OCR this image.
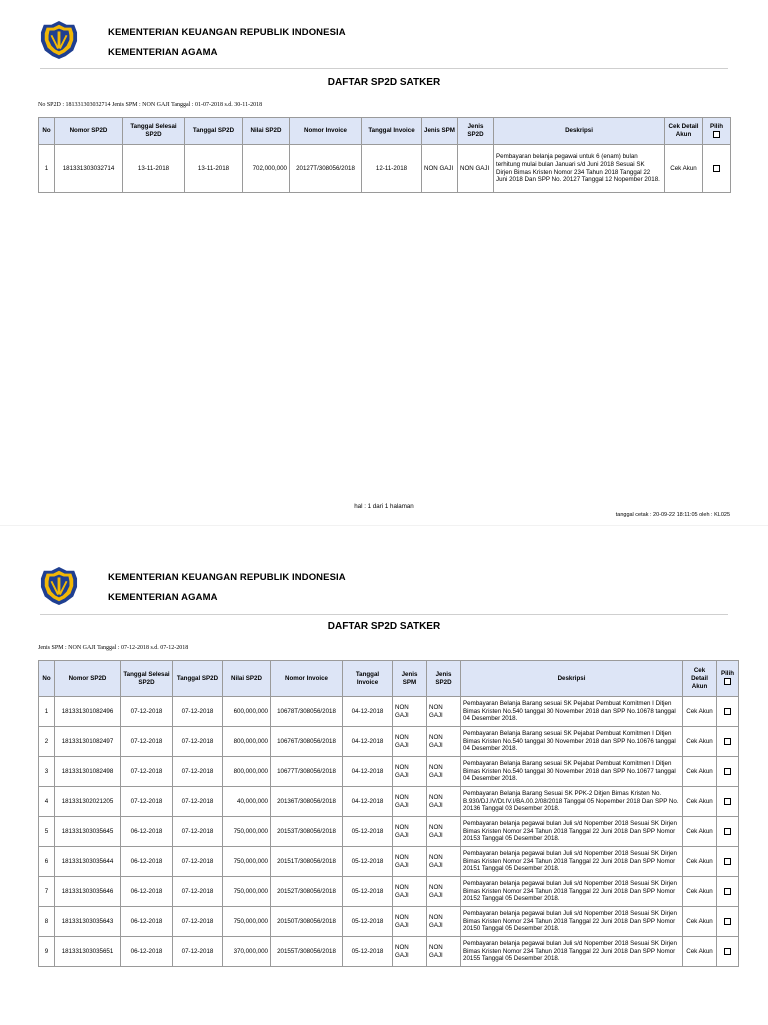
KEMENTERIAN KEUANGAN REPUBLIK INDONESIA
KEMENTERIAN AGAMA
DAFTAR SP2D SATKER
No SP2D : 181331303032714 Jenis SPM : NON GAJI Tanggal : 01-07-2018 s.d. 30-11-2018
No	Nomor SP2D	Tanggal Selesai SP2D	Tanggal SP2D	Nilai SP2D	Nomor Invoice	Tanggal Invoice	Jenis SPM	Jenis SP2D	Deskripsi	Cek Detail Akun	Pilih

1	181331303032714	13-11-2018	13-11-2018	702,000,000	20127T/308056/2018	12-11-2018	NON GAJI	NON GAJI	Pembayaran belanja pegawai untuk 6 (enam) bulan terhitung mulai bulan Januari s/d Juni 2018 Sesuai SK Dirjen Bimas Kristen Nomor 234 Tahun 2018 Tanggal 22 Juni 2018 Dan SPP No. 20127 Tanggal 12 Nopember 2018.	Cek Akun	
hal : 1 dari 1 halaman
tanggal cetak : 20-09-22 18:11:05 oleh : KL025
KEMENTERIAN KEUANGAN REPUBLIK INDONESIA
KEMENTERIAN AGAMA
DAFTAR SP2D SATKER
Jenis SPM : NON GAJI Tanggal : 07-12-2018 s.d. 07-12-2018
No	Nomor SP2D	Tanggal Selesai SP2D	Tanggal SP2D	Nilai SP2D	Nomor Invoice	Tanggal Invoice	Jenis SPM	Jenis SP2D	Deskripsi	Cek Detail Akun	Pilih

1	181331301082496	07-12-2018	07-12-2018	600,000,000	10678T/308056/2018	04-12-2018	NON GAJI	NON GAJI	Pembayaran Belanja Barang sesuai SK Pejabat Pembuat Komitmen I Ditjen Bimas Kristen No.540 tanggal 30 November 2018 dan SPP No.10678 tanggal 04 Desember 2018.	Cek Akun	
2	181331301082497	07-12-2018	07-12-2018	800,000,000	10676T/308056/2018	04-12-2018	NON GAJI	NON GAJI	Pembayaran Belanja Barang sesuai SK Pejabat Pembuat Komitmen I Ditjen Bimas Kristen No.540 tanggal 30 November 2018 dan SPP No.10676 tanggal 04 Desember 2018.	Cek Akun	
3	181331301082498	07-12-2018	07-12-2018	800,000,000	10677T/308056/2018	04-12-2018	NON GAJI	NON GAJI	Pembayaran Belanja Barang sesuai SK Pejabat Pembuat Komitmen I Ditjen Bimas Kristen No.540 tanggal 30 November 2018 dan SPP No.10677 tanggal 04 Desember 2018.	Cek Akun	
4	181331302021205	07-12-2018	07-12-2018	40,000,000	20136T/308056/2018	04-12-2018	NON GAJI	NON GAJI	Pembayaran Belanja Barang Sesuai SK PPK-2 Ditjen Bimas Kristen No. B.930/DJ.IV/Dt.IV.I/BA.00.2/08/2018 Tanggal 05 Nopember 2018 Dan SPP No. 20136 Tanggal 03 Desember 2018.	Cek Akun	
5	181331303035645	06-12-2018	07-12-2018	750,000,000	20153T/308056/2018	05-12-2018	NON GAJI	NON GAJI	Pembayaran belanja pegawai bulan Juli s/d Nopember 2018 Sesuai SK Dirjen Bimas Kristen Nomor 234 Tahun 2018 Tanggal 22 Juni 2018 Dan SPP Nomor 20153 Tanggal 05 Desember 2018.	Cek Akun	
6	181331303035644	06-12-2018	07-12-2018	750,000,000	20151T/308056/2018	05-12-2018	NON GAJI	NON GAJI	Pembayaran belanja pegawai bulan Juli s/d Nopember 2018 Sesuai SK Dirjen Bimas Kristen Nomor 234 Tahun 2018 Tanggal 22 Juni 2018 Dan SPP Nomor 20151 Tanggal 05 Desember 2018.	Cek Akun	
7	181331303035646	06-12-2018	07-12-2018	750,000,000	20152T/308056/2018	05-12-2018	NON GAJI	NON GAJI	Pembayaran belanja pegawai bulan Juli s/d Nopember 2018 Sesuai SK Dirjen Bimas Kristen Nomor 234 Tahun 2018 Tanggal 22 Juni 2018 Dan SPP Nomor 20152 Tanggal 05 Desember 2018.	Cek Akun	
8	181331303035643	06-12-2018	07-12-2018	750,000,000	20150T/308056/2018	05-12-2018	NON GAJI	NON GAJI	Pembayaran belanja pegawai bulan Juli s/d Nopember 2018 Sesuai SK Dirjen Bimas Kristen Nomor 234 Tahun 2018 Tanggal 22 Juni 2018 Dan SPP Nomor 20150 Tanggal 05 Desember 2018.	Cek Akun	
9	181331303035651	06-12-2018	07-12-2018	370,000,000	20155T/308056/2018	05-12-2018	NON GAJI	NON GAJI	Pembayaran belanja pegawai bulan Juli s/d Nopember 2018 Sesuai SK Dirjen Bimas Kristen Nomor 234 Tahun 2018 Tanggal 22 Juni 2018 Dan SPP Nomor 20155 Tanggal 05 Desember 2018.	Cek Akun	
